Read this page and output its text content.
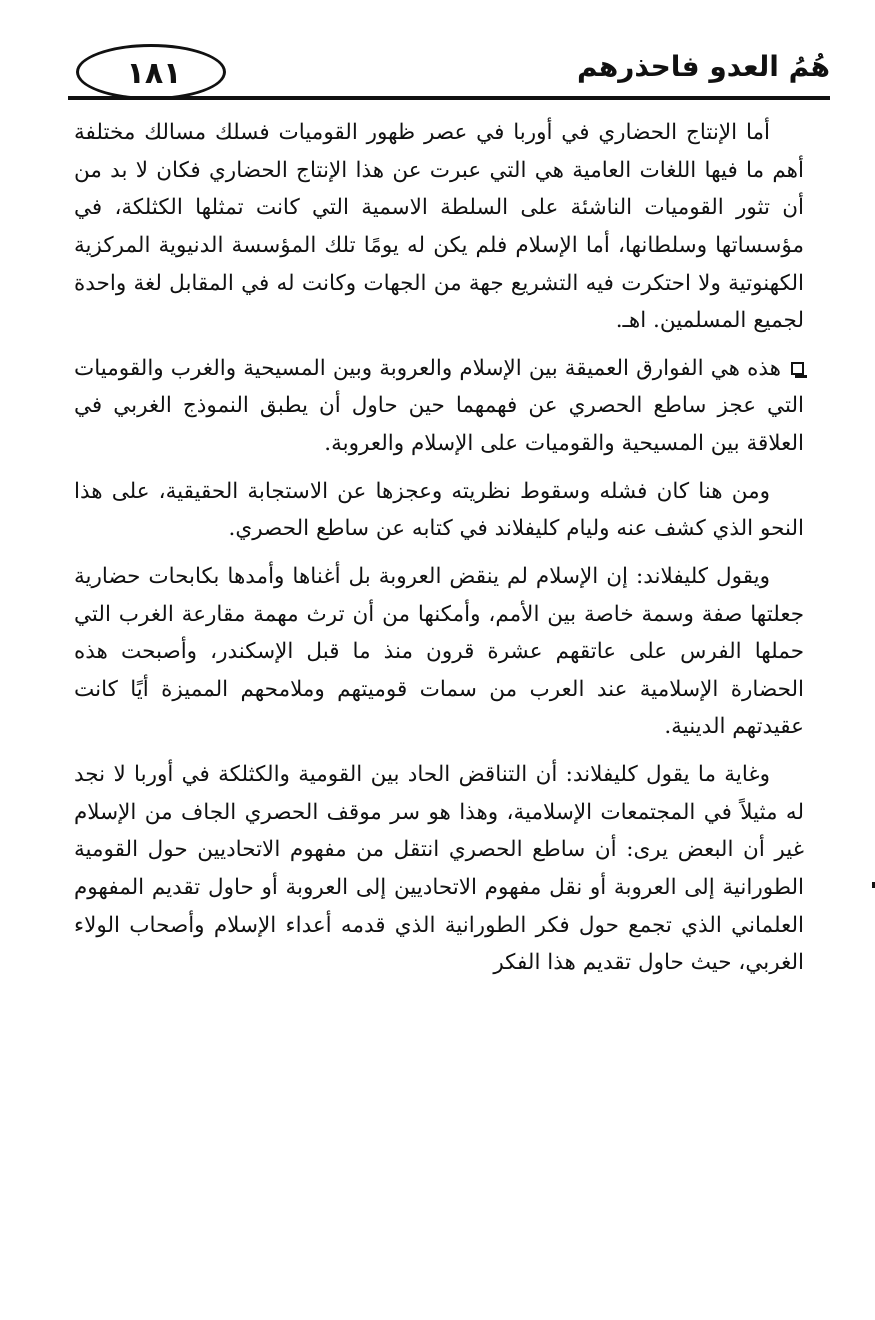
١٨١	هُمُ العدو فاحذرهم

أما الإنتاج الحضاري في أوربا في عصر ظهور القوميات فسلك مسالك مختلفة أهم ما فيها اللغات العامية هي التي عبرت عن هذا الإنتاج الحضاري فكان لا بد من أن تثور القوميات الناشئة على السلطة الاسمية التي كانت تمثلها الكثلكة، في مؤسساتها وسلطانها، أما الإسلام فلم يكن له يومًا تلك المؤسسة الدنيوية المركزية الكهنوتية ولا احتكرت فيه التشريع جهة من الجهات وكانت له في المقابل لغة واحدة لجميع المسلمين. اهـ.

هذه هي الفوارق العميقة بين الإسلام والعروبة وبين المسيحية والغرب والقوميات التي عجز ساطع الحصري عن فهمهما حين حاول أن يطبق النموذج الغربي في العلاقة بين المسيحية والقوميات على الإسلام والعروبة.

ومن هنا كان فشله وسقوط نظريته وعجزها عن الاستجابة الحقيقية، على هذا النحو الذي كشف عنه وليام كليفلاند في كتابه عن ساطع الحصري.

ويقول كليفلاند: إن الإسلام لم ينقض العروبة بل أغناها وأمدها بكابحات حضارية جعلتها صفة وسمة خاصة بين الأمم، وأمكنها من أن ترث مهمة مقارعة الغرب التي حملها الفرس على عاتقهم عشرة قرون منذ ما قبل الإسكندر، وأصبحت هذه الحضارة الإسلامية عند العرب من سمات قوميتهم وملامحهم المميزة أيًا كانت عقيدتهم الدينية.

وغاية ما يقول كليفلاند: أن التناقض الحاد بين القومية والكثلكة في أوربا لا نجد له مثيلاً في المجتمعات الإسلامية، وهذا هو سر موقف الحصري الجاف من الإسلام غير أن البعض يرى: أن ساطع الحصري انتقل من مفهوم الاتحاديين حول القومية الطورانية إلى العروبة أو نقل مفهوم الاتحاديين إلى العروبة أو حاول تقديم المفهوم العلماني الذي تجمع حول فكر الطورانية الذي قدمه أعداء الإسلام وأصحاب الولاء الغربي، حيث حاول تقديم هذا الفكر
